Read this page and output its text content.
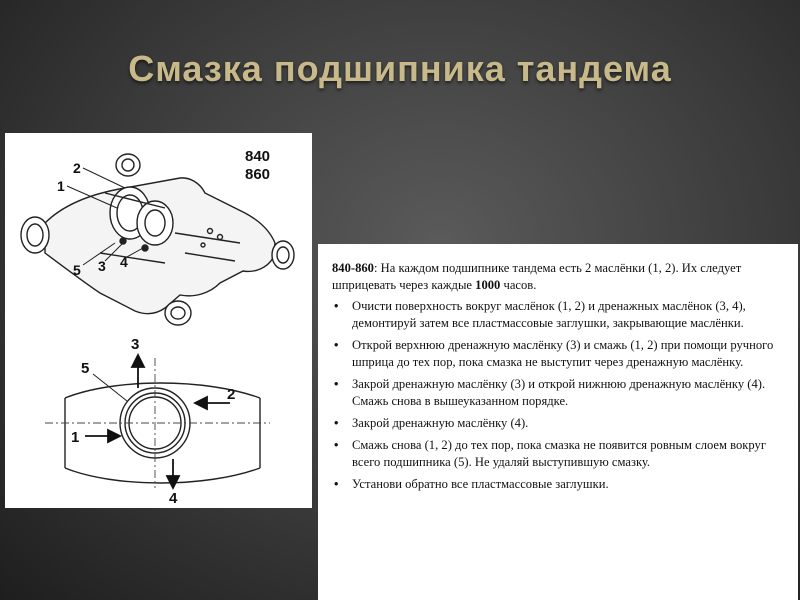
Смазка подшипника тандема
840
860
2
1
5 3 4
3
5
2
1
4

840-860: На каждом подшипнике тандема есть 2 маслёнки (1, 2). Их следует шприцевать через каждые 1000 часов.

• Очисти поверхность вокруг маслёнок (1, 2) и дренажных маслёнок (3, 4), демонтируй затем все пластмассовые заглушки, закрывающие маслёнки.
• Открой верхнюю дренажную маслёнку (3) и смажь (1, 2) при помощи ручного шприца до тех пор, пока смазка не выступит через дренажную маслёнку.
• Закрой дренажную маслёнку (3) и открой нижнюю дренажную маслёнку (4). Смажь снова в вышеуказанном порядке.
• Закрой дренажную маслёнку (4).
• Смажь снова (1, 2) до тех пор, пока смазка не появится ровным слоем вокруг всего подшипника (5). Не удаляй выступившую смазку.
• Установи обратно все пластмассовые заглушки.
